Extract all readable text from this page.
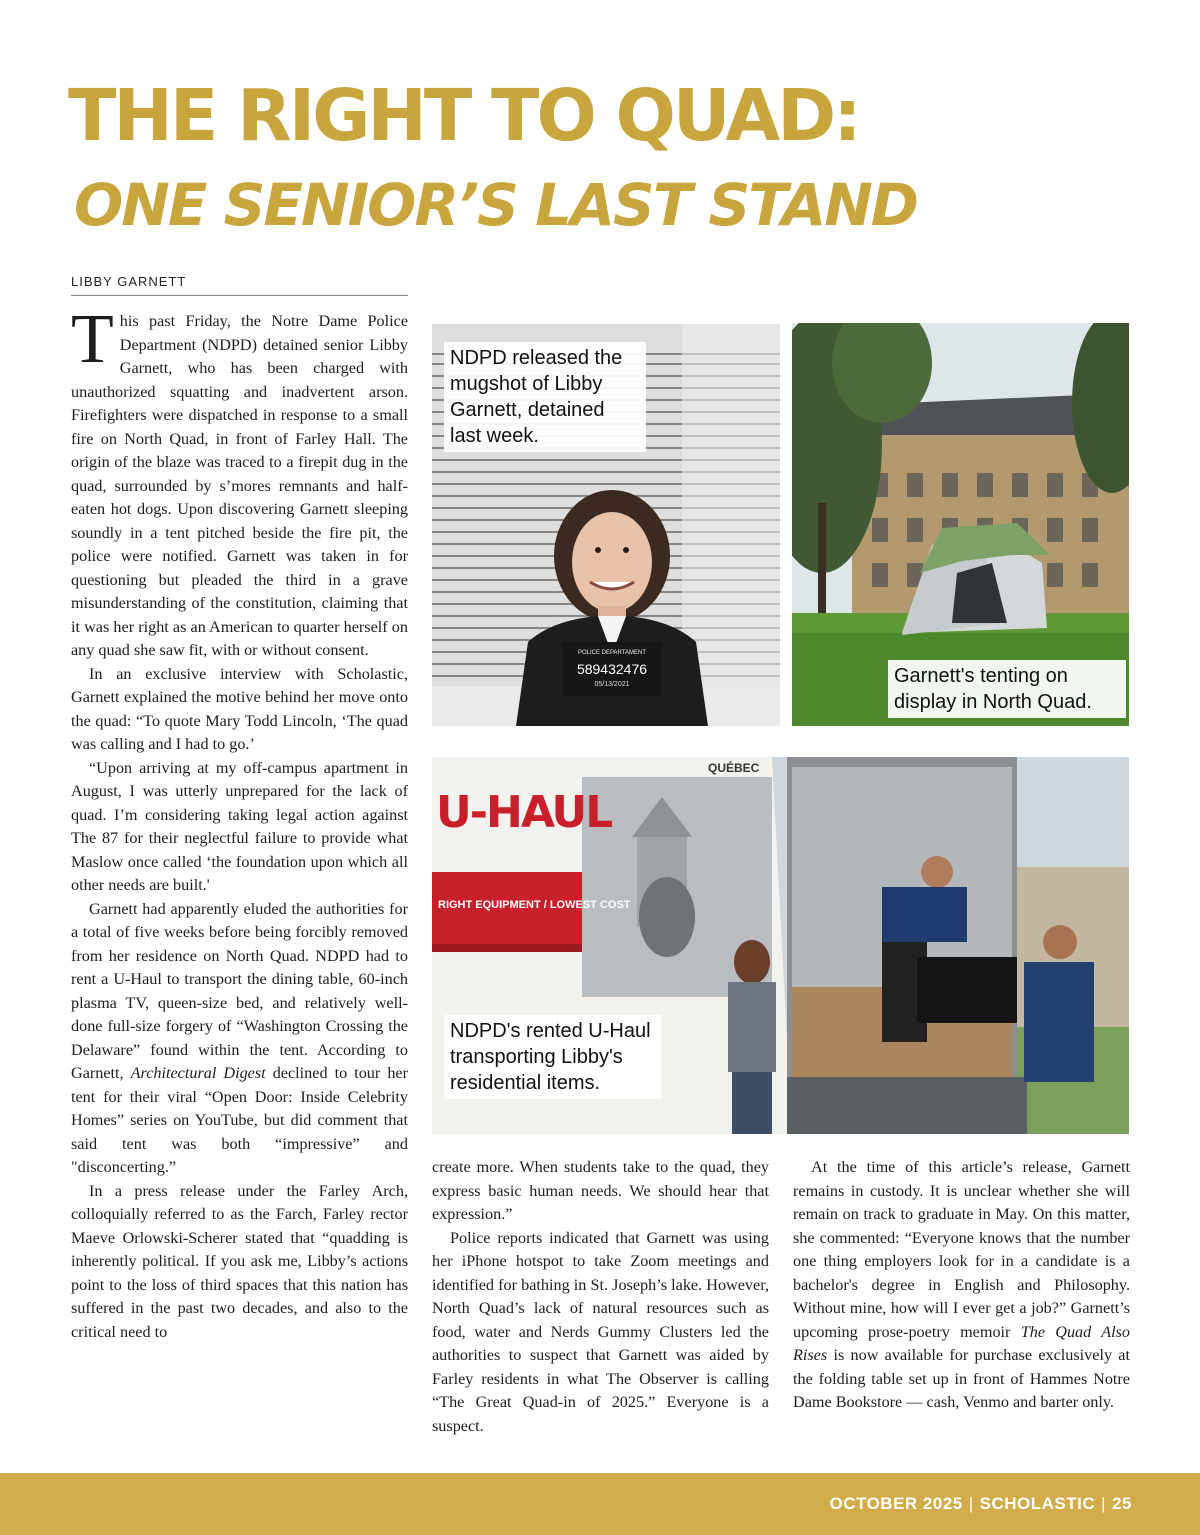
THE RIGHT TO QUAD:
ONE SENIOR’S LAST STAND
LIBBY GARNETT

This past Friday, the Notre Dame Police Department (NDPD) detained senior Libby Garnett, who has been charged with unauthorized squatting and inadvertent arson. Firefighters were dispatched in response to a small fire on North Quad, in front of Farley Hall. The origin of the blaze was traced to a firepit dug in the quad, surrounded by s’mores remnants and half-eaten hot dogs. Upon discovering Garnett sleeping soundly in a tent pitched beside the fire pit, the police were notified. Garnett was taken in for questioning but pleaded the third in a grave misunderstanding of the constitution, claiming that it was her right as an American to quarter herself on any quad she saw fit, with or without consent.

In an exclusive interview with Scholastic, Garnett explained the motive behind her move onto the quad: “To quote Mary Todd Lincoln, ‘The quad was calling and I had to go.’

“Upon arriving at my off-campus apartment in August, I was utterly unprepared for the lack of quad. I’m considering taking legal action against The 87 for their neglectful failure to provide what Maslow once called ‘the foundation upon which all other needs are built.'

Garnett had apparently eluded the authorities for a total of five weeks before being forcibly removed from her residence on North Quad. NDPD had to rent a U-Haul to transport the dining table, 60-inch plasma TV, queen-size bed, and relatively well-done full-size forgery of “Washington Crossing the Delaware” found within the tent. According to Garnett, Architectural Digest declined to tour her tent for their viral “Open Door: Inside Celebrity Homes” series on YouTube, but did comment that said tent was both “impressive” and "disconcerting.”

In a press release under the Farley Arch, colloquially referred to as the Farch, Farley rector Maeve Orlowski-Scherer stated that “quadding is inherently political. If you ask me, Libby’s actions point to the loss of third spaces that this nation has suffered in the past two decades, and also to the critical need to

POLICE DEPARTAMENT
589432476
05/13/2021
NDPD released the mugshot of Libby Garnett, detained last week.
Garnett's tenting on display in North Quad.
U-HAUL
RIGHT EQUIPMENT / LOWEST COST
QUÉBEC
NDPD's rented U-Haul transporting Libby's residential items.

create more. When students take to the quad, they express basic human needs. We should hear that expression.”

Police reports indicated that Garnett was using her iPhone hotspot to take Zoom meetings and identified for bathing in St. Joseph’s lake. However, North Quad’s lack of natural resources such as food, water and Nerds Gummy Clusters led the authorities to suspect that Garnett was aided by Farley residents in what The Observer is calling “The Great Quad-in of 2025.” Everyone is a suspect.

At the time of this article’s release, Garnett remains in custody. It is unclear whether she will remain on track to graduate in May. On this matter, she commented: “Everyone knows that the number one thing employers look for in a candidate is a bachelor's degree in English and Philosophy. Without mine, how will I ever get a job?” Garnett’s upcoming prose-poetry memoir The Quad Also Rises is now available for purchase exclusively at the folding table set up in front of Hammes Notre Dame Bookstore — cash, Venmo and barter only.

OCTOBER 2025 | SCHOLASTIC | 25
